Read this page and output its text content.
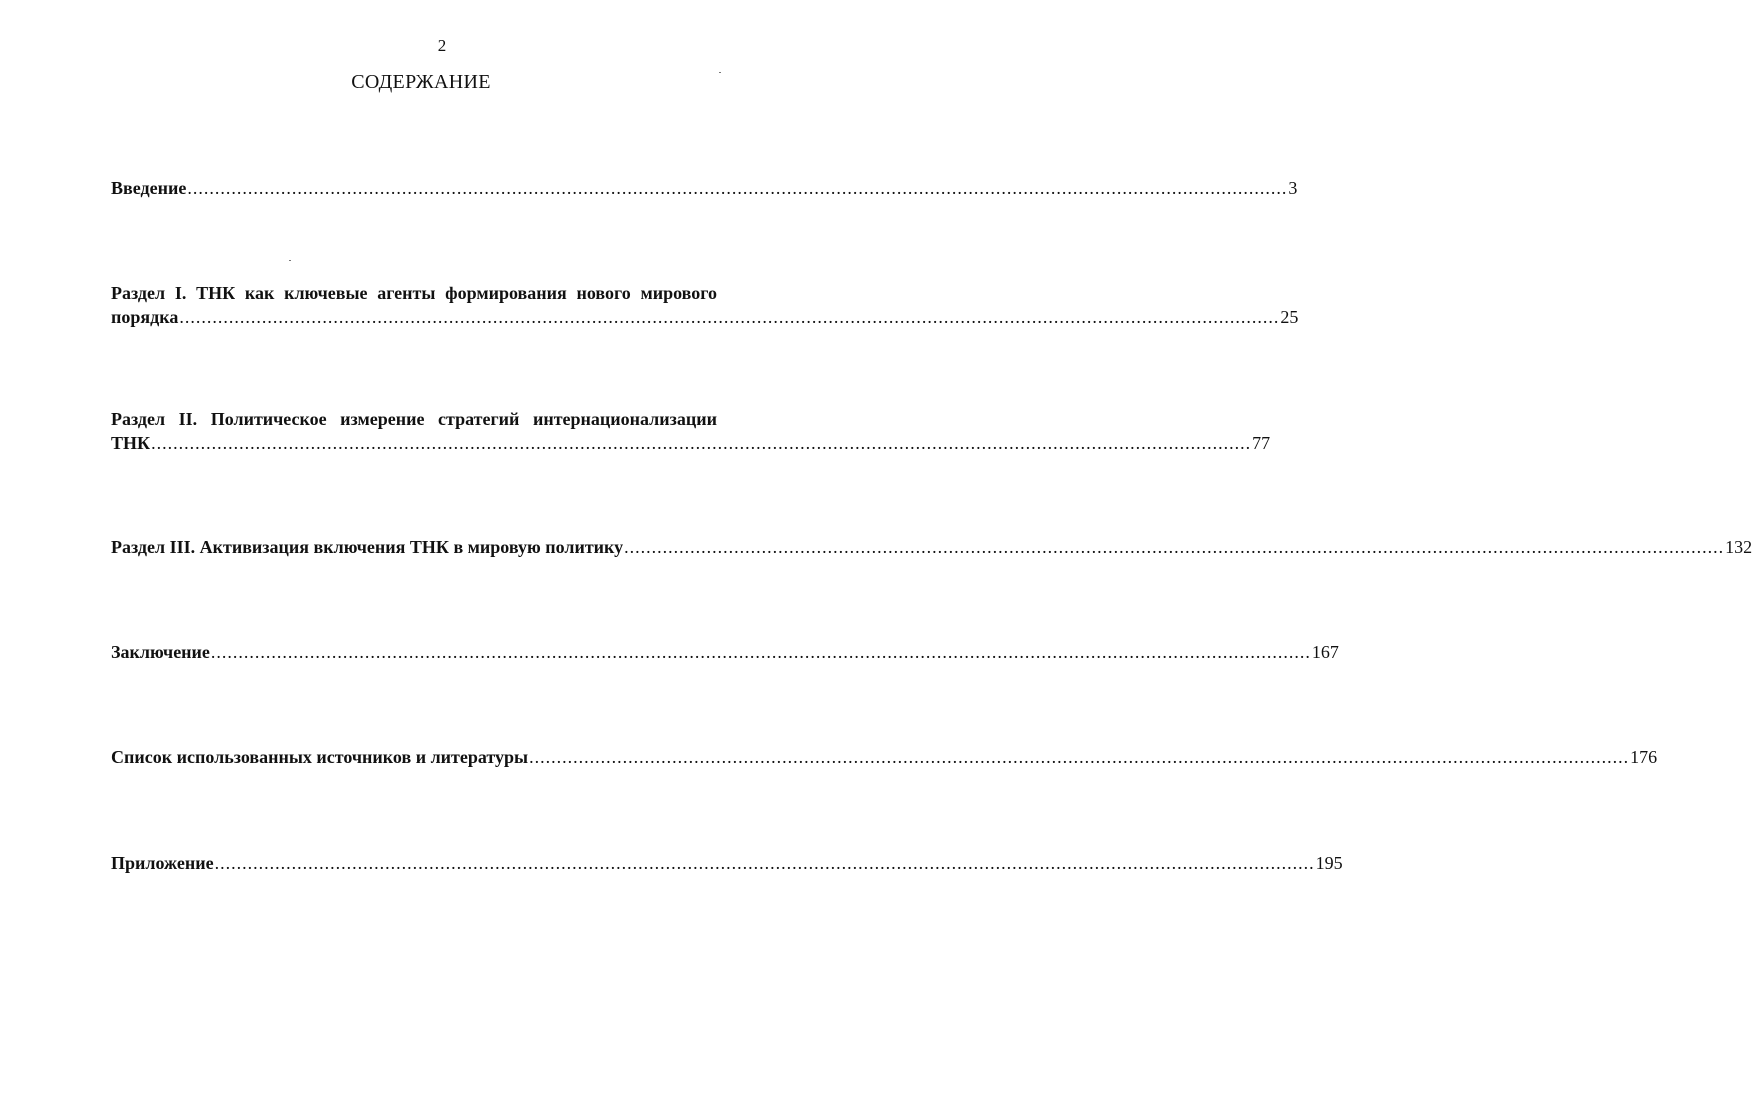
2
СОДЕРЖАНИЕ
Введение ........................................................................................................................................................................................................ 3
Раздел I. ТНК как ключевые агенты формирования нового мирового
порядка ........................................................................................................................................................................................................ 25
Раздел II. Политическое измерение стратегий интернационализации
ТНК ........................................................................................................................................................................................................ 77
Раздел III. Активизация включения ТНК в мировую политику ........................................................................................................................................................................................................ 132
Заключение ........................................................................................................................................................................................................ 167
Список использованных источников и литературы ........................................................................................................................................................................................................ 176
Приложение ........................................................................................................................................................................................................ 195
